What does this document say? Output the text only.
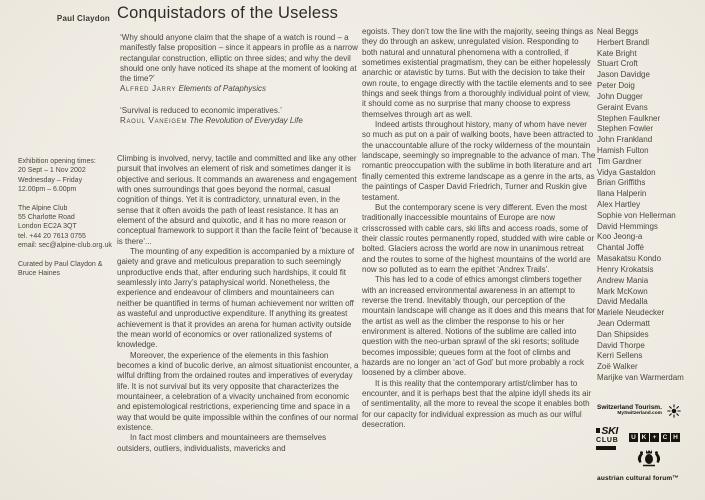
Paul Claydon Conquistadors of the Useless
‘Why should anyone claim that the shape of a watch is round – a manifestly false proposition – since it appears in profile as a narrow rectangular construction, elliptic on three sides; and why the devil should one only have noticed its shape at the moment of looking at the time?’
Alfred Jarry Elements of Pataphysics
‘Survival is reduced to economic imperatives.’
Raoul Vaneigem The Revolution of Everyday Life
Exhibition opening times:
20 Sept – 1 Nov 2002
Wednesday – Friday
12.00pm – 6.00pm
The Alpine Club
55 Charlotte Road
London EC2A 3QT
tel. +44 20 7613 0755
email: sec@alpine-club.org.uk
Curated by Paul Claydon &
Bruce Haines
Climbing is involved, nervy, tactile and committed and like any other pursuit that involves an element of risk and sometimes danger it is objective and serious. It commands an awareness and engagement with ones surroundings that goes beyond the normal, casual cognition of things. Yet it is contradictory, unnatural even, in the sense that it often avoids the path of least resistance. It has an element of the absurd and quixotic, and it has no more reason or conceptual framework to support it than the facile feint of ‘because it is there’...
The mounting of any expedition is accompanied by a mixture of gaiety and grave and meticulous preparation to such seemingly unproductive ends that, after enduring such hardships, it could fit seamlessly into Jarry’s pataphysical world. Nonetheless, the experience and endeavour of climbers and mountaineers can neither be quantified in terms of human achievement nor written off as wasteful and unproductive expenditure. If anything its greatest achievement is that it provides an arena for human activity outside the mean world of economics or over rationalized systems of knowledge.
Moreover, the experience of the elements in this fashion becomes a kind of bucolic derive, an almost situationist encounter, a wilful drifting from the ordained routes and imperatives of everyday life. It is not survival but its very opposite that characterizes the mountaineer, a celebration of a vivacity unchained from economic and epistemological restrictions, experiencing time and space in a way that would be quite impossible within the confines of our normal existence.
In fact most climbers and mountaineers are themselves outsiders, outliers, individualists, mavericks and
egoists. They don’t tow the line with the majority, seeing things as they do through an askew, unregulated vision. Responding to both natural and unnatural phenomena with a controlled, if sometimes existential pragmatism, they can be either hopelessly anarchic or atavistic by turns. But with the decision to take their own route, to engage directly with the tactile elements and to see things and seek things from a thoroughly individual point of view, it should come as no surprise that many choose to express themselves through art as well.
Indeed artists throughout history, many of whom have never so much as put on a pair of walking boots, have been attracted to the unaccountable allure of the rocky wilderness of the mountain landscape, seemingly so impregnable to the advance of man. The romantic preoccupation with the sublime in both literature and art finally cemented this extreme landscape as a genre in the arts, as the paintings of Casper David Friedrich, Turner and Ruskin give testament.
But the contemporary scene is very different. Even the most traditionally inaccessible mountains of Europe are now crisscrossed with cable cars, ski lifts and access roads, some of their classic routes permanently roped, studded with wire cable or bolted. Glaciers across the world are now in unanimous retreat and the routes to some of the highest mountains of the world are now so polluted as to earn the epithet ‘Andrex Trails’.
This has led to a code of ethics amongst climbers together with an increased environmental awareness in an attempt to reverse the trend. Inevitably though, our perception of the mountain landscape will change as it does and this means that for the artist as well as the climber the response to his or her environment is altered. Notions of the sublime are called into question with the neo-urban sprawl of the ski resorts; solitude becomes impossible; queues form at the foot of climbs and hazards are no longer an ‘act of God’ but more probably a rock loosened by a climber above.
It is this reality that the contemporary artist/climber has to encounter, and it is perhaps best that the alpine idyll sheds its air of sentimentality, all the more to reveal the scope it enables both for our capacity for individual expression as much as our wilful desecration.
Neal Beggs
Herbert Brandl
Kate Bright
Stuart Croft
Jason Davidge
Peter Doig
John Dugger
Geraint Evans
Stephen Faulkner
Stephen Fowler
John Frankland
Hamish Fulton
Tim Gardner
Vidya Gastaldon
Brian Griffiths
Ilana Halperin
Alex Hartley
Sophie von Hellerman
David Hemmings
Koo Jeong-a
Chantal Joffé
Masakatsu Kondo
Henry Krokatsis
Andrew Mania
Mark McKown
David Medalla
Mariele Neudecker
Jean Odermatt
Dan Shipsides
David Thorpe
Kerri Sellens
Zoë Walker
Marijke van Warmerdam
Switzerland Tourism.
MySwitzerland.com
SKI
CLUB	U K + C H
austrian cultural forum™
